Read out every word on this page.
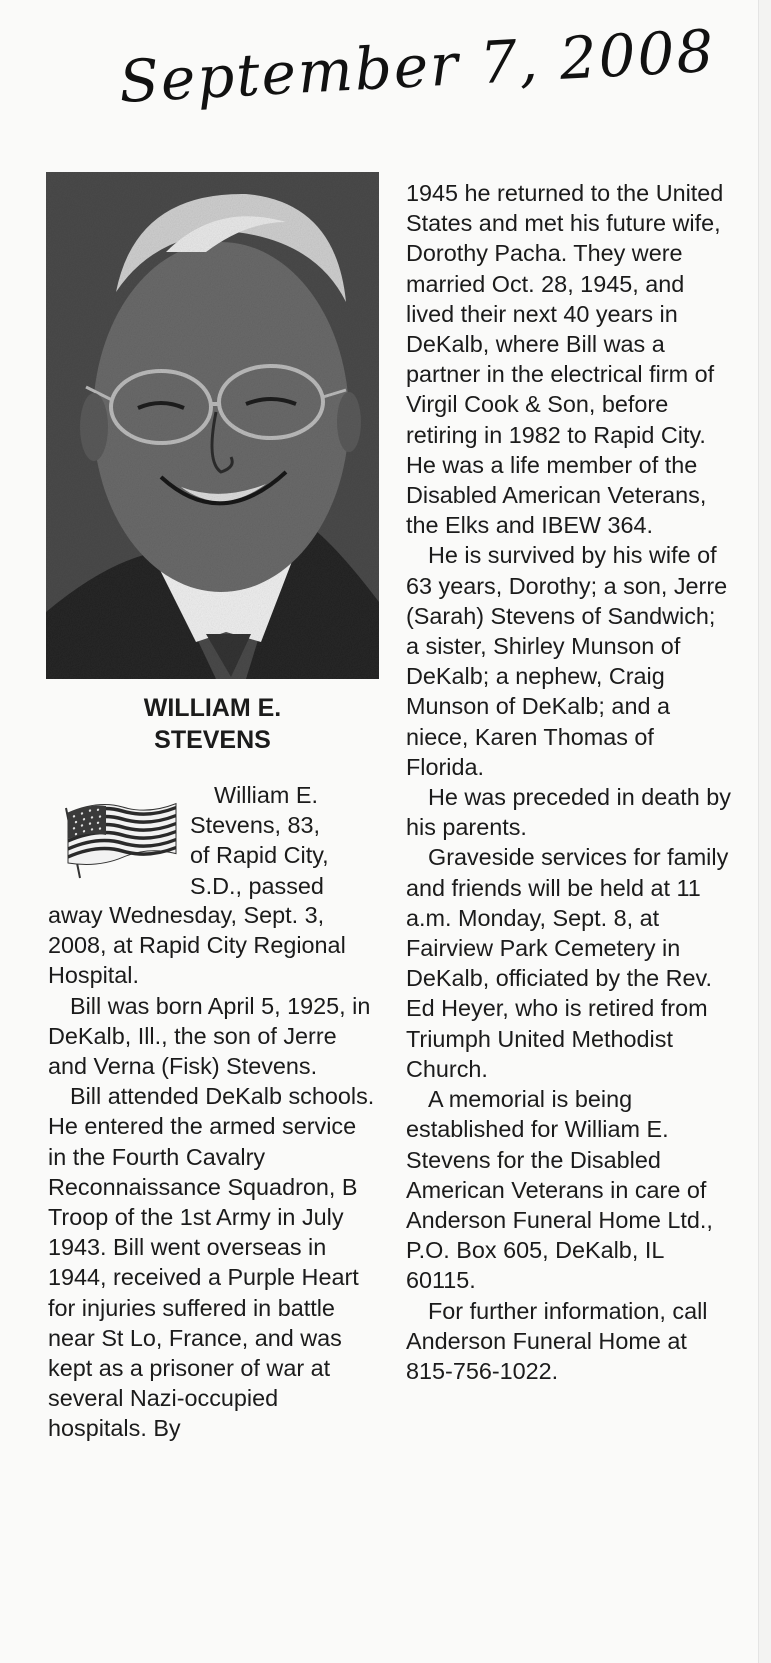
September 7, 2008
WILLIAM E.
STEVENS
William E.
Stevens, 83,
of Rapid City,
S.D., passed

away Wednesday, Sept. 3, 2008, at Rapid City Regional Hospital.

Bill was born April 5, 1925, in DeKalb, Ill., the son of Jerre and Verna (Fisk) Stevens.

Bill attended DeKalb schools. He entered the armed service in the Fourth Cavalry Reconnaissance Squadron, B Troop of the 1st Army in July 1943. Bill went overseas in 1944, received a Purple Heart for injuries suffered in battle near St Lo, France, and was kept as a prisoner of war at several Nazi-occupied hospitals. By

1945 he returned to the United States and met his future wife, Dorothy Pacha. They were married Oct. 28, 1945, and lived their next 40 years in DeKalb, where Bill was a partner in the electrical firm of Virgil Cook & Son, before retiring in 1982 to Rapid City. He was a life member of the Disabled American Veterans, the Elks and IBEW 364.

He is survived by his wife of 63 years, Dorothy; a son, Jerre (Sarah) Stevens of Sandwich; a sister, Shirley Munson of DeKalb; a nephew, Craig Munson of DeKalb; and a niece, Karen Thomas of Florida.

He was preceded in death by his parents.

Graveside services for family and friends will be held at 11 a.m. Monday, Sept. 8, at Fairview Park Cemetery in DeKalb, officiated by the Rev. Ed Heyer, who is retired from Triumph United Methodist Church.

A memorial is being established for William E. Stevens for the Disabled American Veterans in care of Anderson Funeral Home Ltd., P.O. Box 605, DeKalb, IL 60115.

For further information, call Anderson Funeral Home at 815-756-1022.
